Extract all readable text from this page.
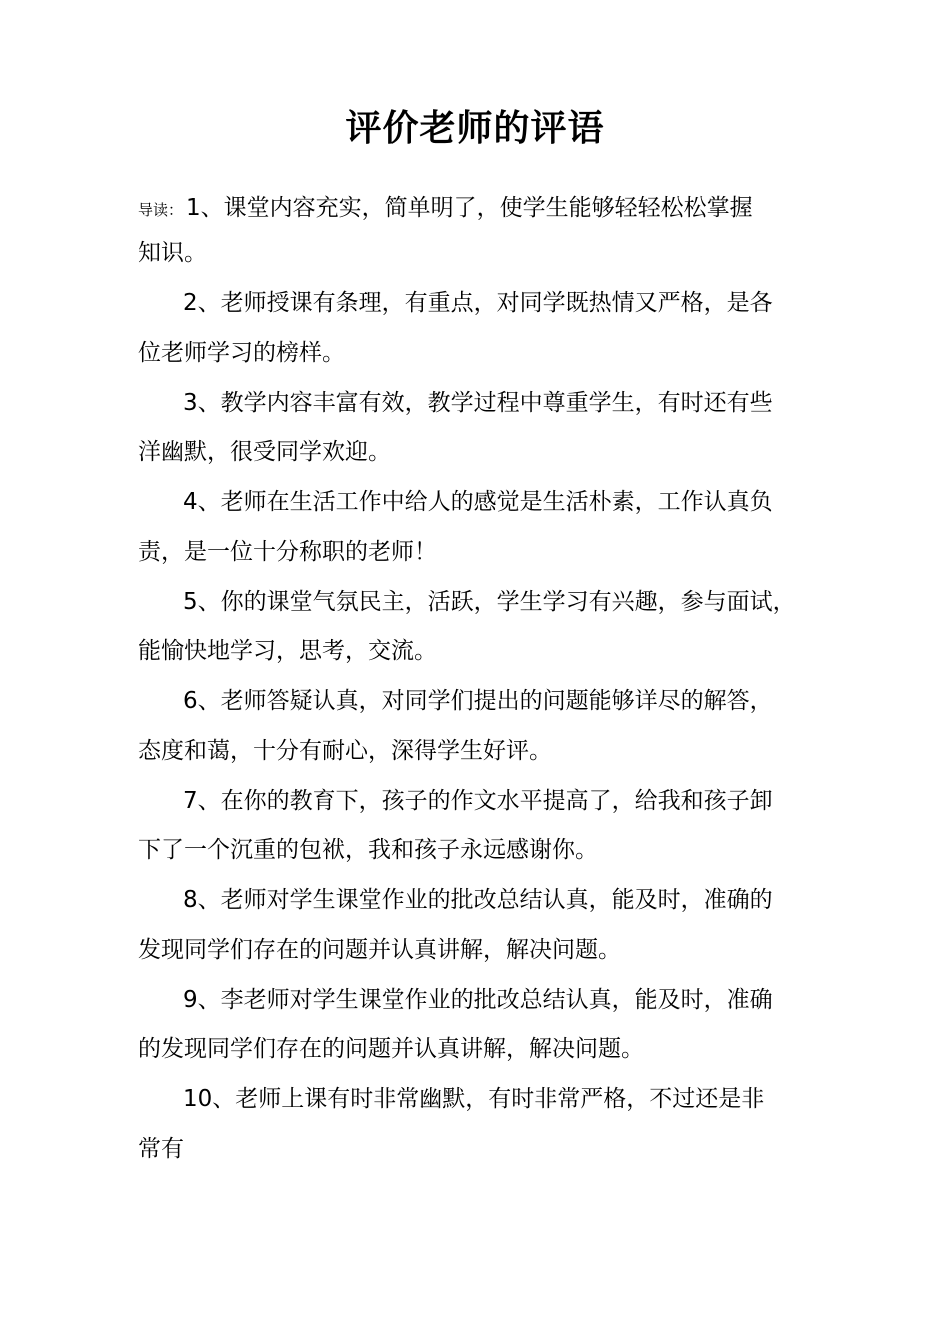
评价老师的评语
导读： 1、课堂内容充实，简单明了，使学生能够轻轻松松掌握
知识。
2、老师授课有条理，有重点，对同学既热情又严格，是各
位老师学习的榜样。
3、教学内容丰富有效，教学过程中尊重学生，有时还有些
洋幽默，很受同学欢迎。
4、老师在生活工作中给人的感觉是生活朴素，工作认真负
责，是一位十分称职的老师！
5、你的课堂气氛民主，活跃，学生学习有兴趣，参与面试，
能愉快地学习，思考，交流。
6、老师答疑认真，对同学们提出的问题能够详尽的解答，
态度和蔼，十分有耐心，深得学生好评。
7、在你的教育下，孩子的作文水平提高了，给我和孩子卸
下了一个沉重的包袱，我和孩子永远感谢你。
8、老师对学生课堂作业的批改总结认真，能及时，准确的
发现同学们存在的问题并认真讲解，解决问题。
9、李老师对学生课堂作业的批改总结认真，能及时，准确
的发现同学们存在的问题并认真讲解，解决问题。
10、老师上课有时非常幽默，有时非常严格，不过还是非
常有
